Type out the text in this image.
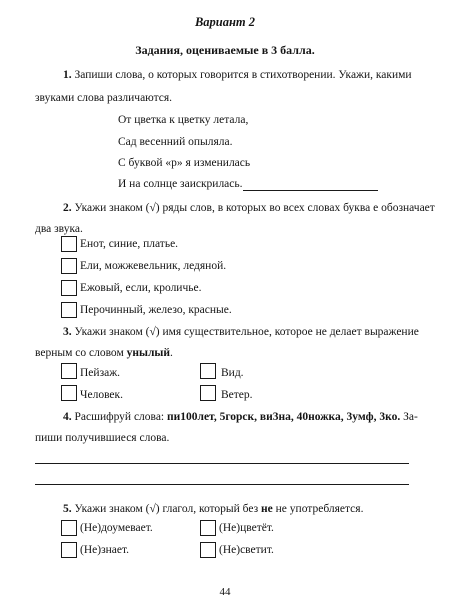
Вариант 2
Задания, оцениваемые в 3 балла.
1. Запиши слова, о которых говорится в стихотворении. Укажи, какими
звуками слова различаются.
От цветка к цветку летала,
Сад весенний опыляла.
С буквой «р» я изменилась
И на солнце заискрилась.
2. Укажи знаком (√) ряды слов, в которых во всех словах буква е обозначает
два звука.
Енот, синие, платье.
Ели, можжевельник, ледяной.
Ежовый, если, кроличье.
Перочинный, железо, красные.
3. Укажи знаком (√) имя существительное, которое не делает выражение
верным со словом унылый.
Пейзаж.	Вид.
Человек.	Ветер.
4. Расшифруй слова: пи100лет, 5горск, ви3на, 40ножка, 3умф, 3ко. За-
пиши получившиеся слова.
5. Укажи знаком (√) глагол, который без не не употребляется.
(Не)доумевает.	(Не)цветёт.
(Не)знает.	(Не)светит.
44
